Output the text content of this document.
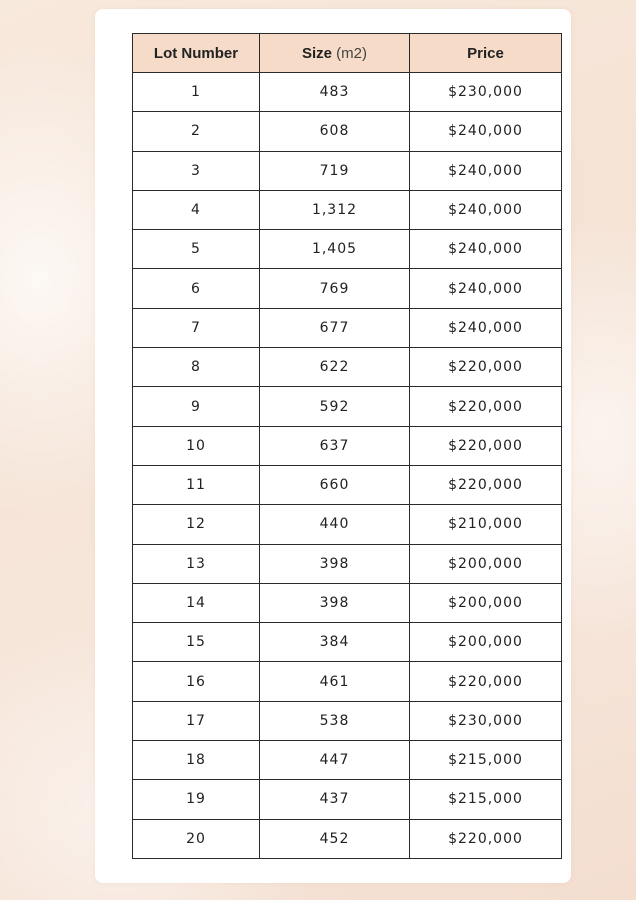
Lot Number	Size (m2)	Price
1	483	$230,000
2	608	$240,000
3	719	$240,000
4	1,312	$240,000
5	1,405	$240,000
6	769	$240,000
7	677	$240,000
8	622	$220,000
9	592	$220,000
10	637	$220,000
11	660	$220,000
12	440	$210,000
13	398	$200,000
14	398	$200,000
15	384	$200,000
16	461	$220,000
17	538	$230,000
18	447	$215,000
19	437	$215,000
20	452	$220,000
